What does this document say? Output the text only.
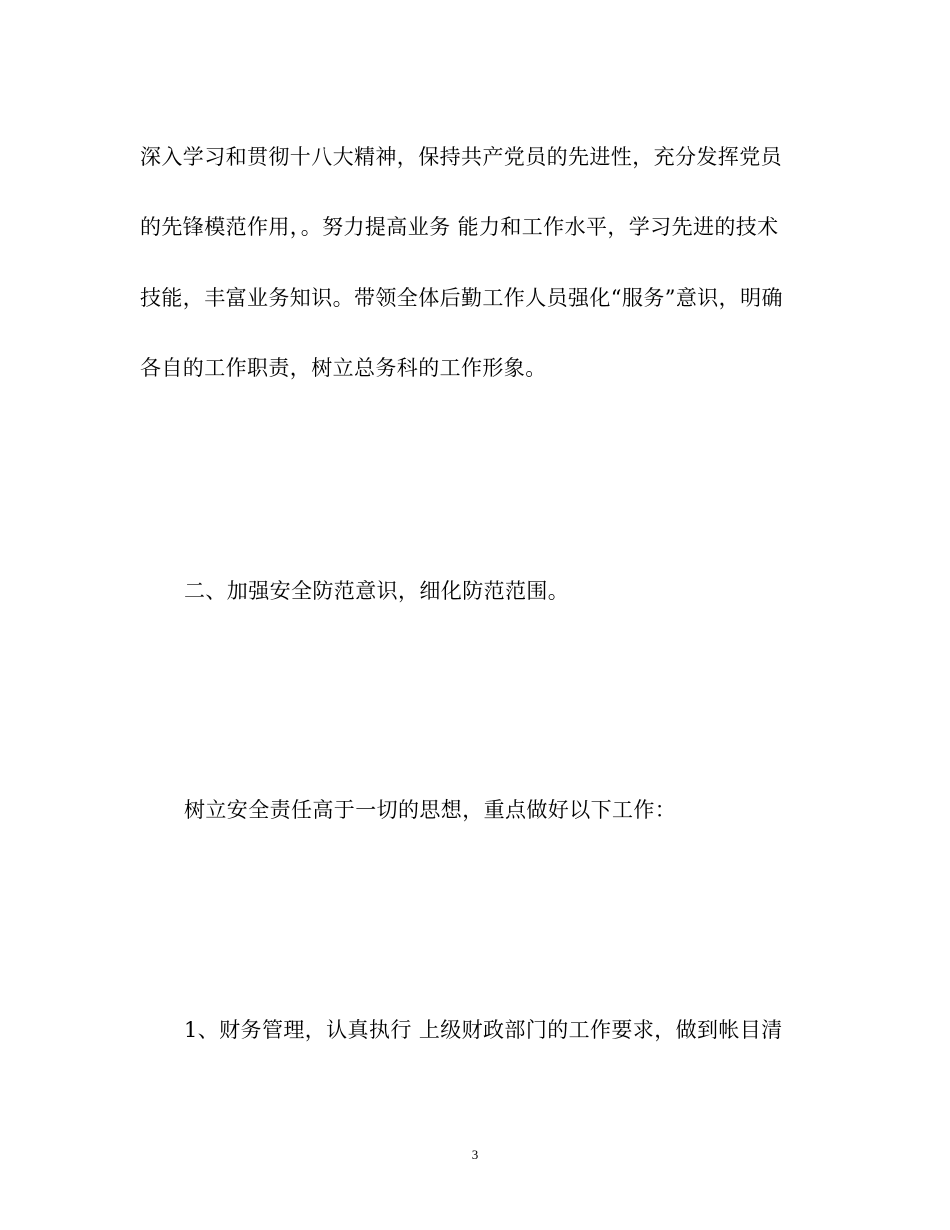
深入学习和贯彻十八大精神，保持共产党员的先进性，充分发挥党员
的先锋模范作用，。努力提高业务 能力和工作水平，学习先进的技术
技能，丰富业务知识。带领全体后勤工作人员强化“服务”意识，明确
各自的工作职责，树立总务科的工作形象。
二、加强安全防范意识，细化防范范围。
树立安全责任高于一切的思想，重点做好以下工作：
1、财务管理，认真执行 上级财政部门的工作要求，做到帐目清
3
